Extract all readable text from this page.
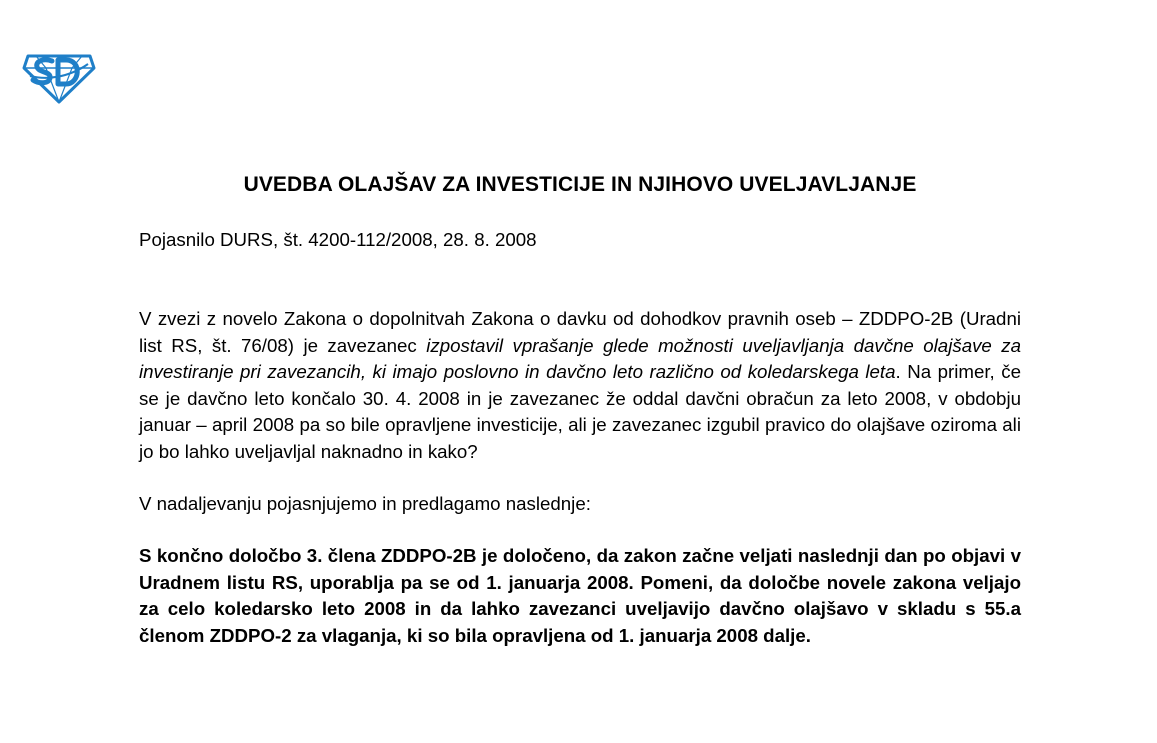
UVEDBA OLAJŠAV ZA INVESTICIJE IN NJIHOVO UVELJAVLJANJE

Pojasnilo DURS, št. 4200-112/2008, 28. 8. 2008

V zvezi z novelo Zakona o dopolnitvah Zakona o davku od dohodkov pravnih oseb – ZDDPO-2B (Uradni list RS, št. 76/08) je zavezanec izpostavil vprašanje glede možnosti uveljavljanja davčne olajšave za investiranje pri zavezancih, ki imajo poslovno in davčno leto različno od koledarskega leta. Na primer, če se je davčno leto končalo 30. 4. 2008 in je zavezanec že oddal davčni obračun za leto 2008, v obdobju januar – april 2008 pa so bile opravljene investicije, ali je zavezanec izgubil pravico do olajšave oziroma ali jo bo lahko uveljavljal naknadno in kako?

V nadaljevanju pojasnjujemo in predlagamo naslednje:

S končno določbo 3. člena ZDDPO-2B je določeno, da zakon začne veljati naslednji dan po objavi v Uradnem listu RS, uporablja pa se od 1. januarja 2008. Pomeni, da določbe novele zakona veljajo za celo koledarsko leto 2008 in da lahko zavezanci uveljavijo davčno olajšavo v skladu s 55.a členom ZDDPO-2 za vlaganja, ki so bila opravljena od 1. januarja 2008 dalje.
